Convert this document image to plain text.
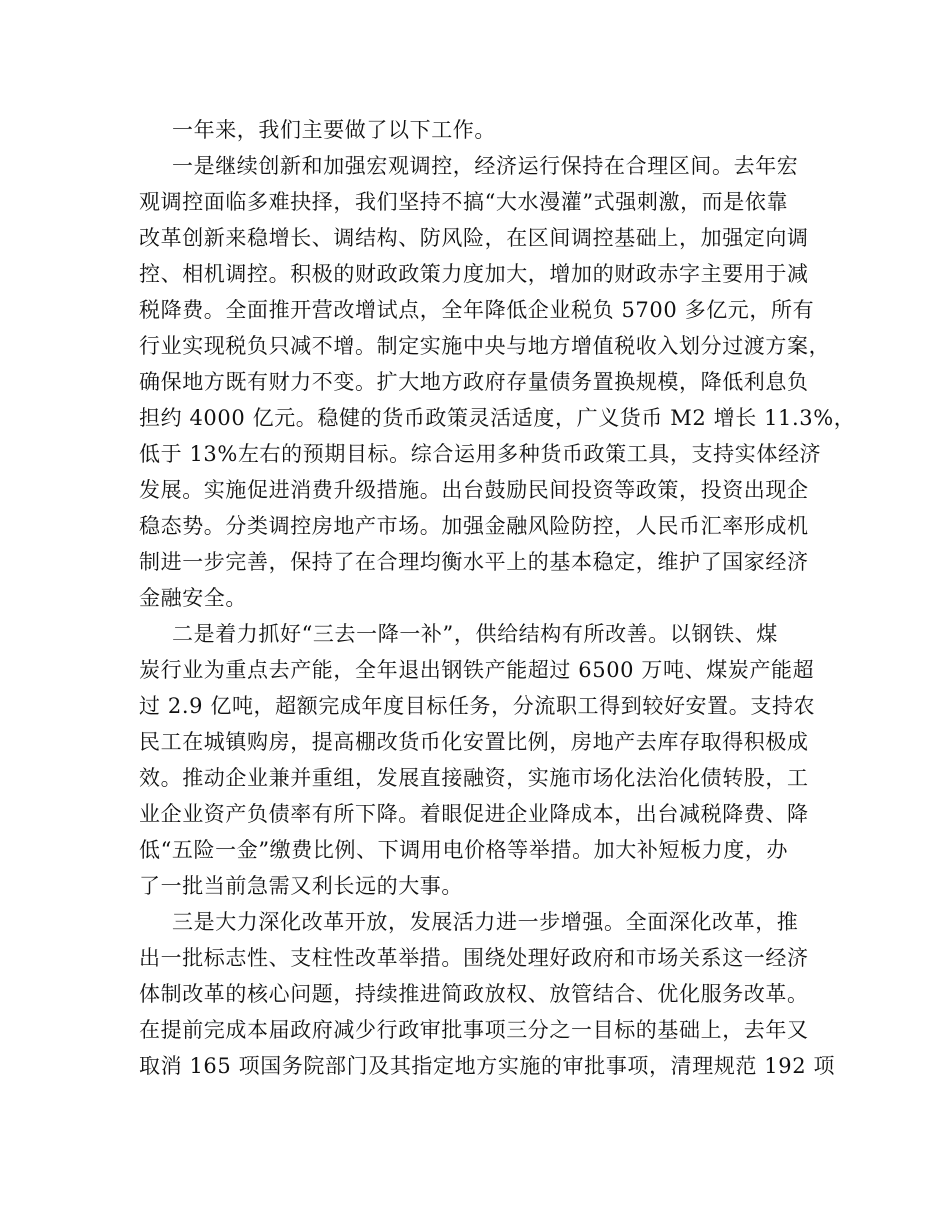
一年来，我们主要做了以下工作。
一是继续创新和加强宏观调控，经济运行保持在合理区间。去年宏
观调控面临多难抉择，我们坚持不搞“大水漫灌”式强刺激，而是依靠
改革创新来稳增长、调结构、防风险，在区间调控基础上，加强定向调
控、相机调控。积极的财政政策力度加大，增加的财政赤字主要用于减
税降费。全面推开营改增试点，全年降低企业税负 5700 多亿元，所有
行业实现税负只减不增。制定实施中央与地方增值税收入划分过渡方案，
确保地方既有财力不变。扩大地方政府存量债务置换规模，降低利息负
担约 4000 亿元。稳健的货币政策灵活适度，广义货币 M2 增长 11.3%，
低于 13%左右的预期目标。综合运用多种货币政策工具，支持实体经济
发展。实施促进消费升级措施。出台鼓励民间投资等政策，投资出现企
稳态势。分类调控房地产市场。加强金融风险防控，人民币汇率形成机
制进一步完善，保持了在合理均衡水平上的基本稳定，维护了国家经济
金融安全。
二是着力抓好“三去一降一补”，供给结构有所改善。以钢铁、煤
炭行业为重点去产能，全年退出钢铁产能超过 6500 万吨、煤炭产能超
过 2.9 亿吨，超额完成年度目标任务，分流职工得到较好安置。支持农
民工在城镇购房，提高棚改货币化安置比例，房地产去库存取得积极成
效。推动企业兼并重组，发展直接融资，实施市场化法治化债转股，工
业企业资产负债率有所下降。着眼促进企业降成本，出台减税降费、降
低“五险一金”缴费比例、下调用电价格等举措。加大补短板力度，办
了一批当前急需又利长远的大事。
三是大力深化改革开放，发展活力进一步增强。全面深化改革，推
出一批标志性、支柱性改革举措。围绕处理好政府和市场关系这一经济
体制改革的核心问题，持续推进简政放权、放管结合、优化服务改革。
在提前完成本届政府减少行政审批事项三分之一目标的基础上，去年又
取消 165 项国务院部门及其指定地方实施的审批事项，清理规范 192 项
